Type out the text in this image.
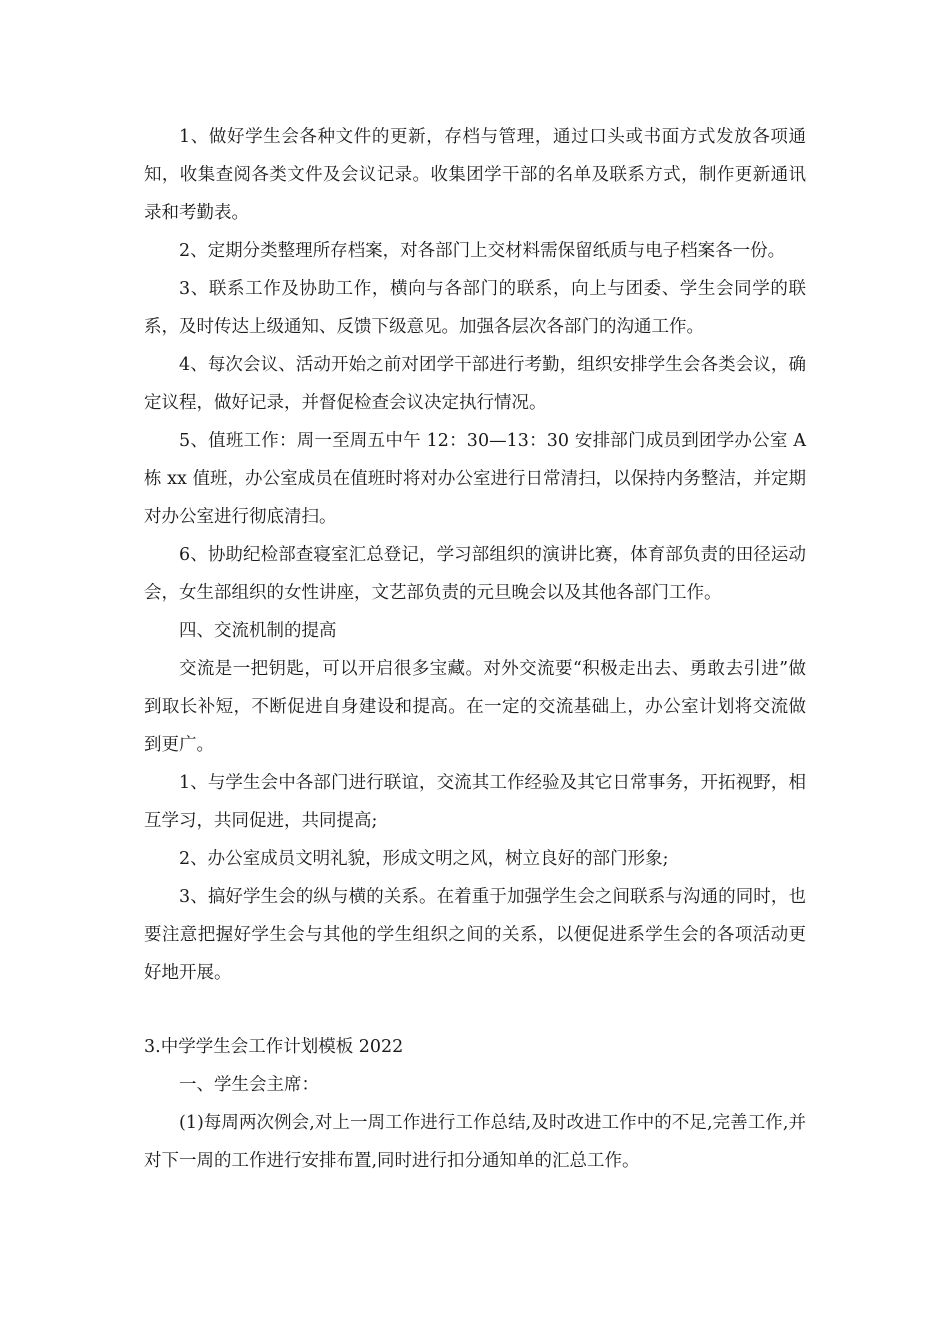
1、做好学生会各种文件的更新，存档与管理，通过口头或书面方式发放各项通知，收集查阅各类文件及会议记录。收集团学干部的名单及联系方式，制作更新通讯录和考勤表。

2、定期分类整理所存档案，对各部门上交材料需保留纸质与电子档案各一份。

3、联系工作及协助工作，横向与各部门的联系，向上与团委、学生会同学的联系，及时传达上级通知、反馈下级意见。加强各层次各部门的沟通工作。

4、每次会议、活动开始之前对团学干部进行考勤，组织安排学生会各类会议，确定议程，做好记录，并督促检查会议决定执行情况。

5、值班工作：周一至周五中午 12：30—13：30 安排部门成员到团学办公室 A 栋 xx 值班，办公室成员在值班时将对办公室进行日常清扫，以保持内务整洁，并定期对办公室进行彻底清扫。

6、协助纪检部查寝室汇总登记，学习部组织的演讲比赛，体育部负责的田径运动会，女生部组织的女性讲座，文艺部负责的元旦晚会以及其他各部门工作。

四、交流机制的提高

交流是一把钥匙，可以开启很多宝藏。对外交流要“积极走出去、勇敢去引进”做到取长补短，不断促进自身建设和提高。在一定的交流基础上，办公室计划将交流做到更广。

1、与学生会中各部门进行联谊，交流其工作经验及其它日常事务，开拓视野，相互学习，共同促进，共同提高;

2、办公室成员文明礼貌，形成文明之风，树立良好的部门形象;

3、搞好学生会的纵与横的关系。在着重于加强学生会之间联系与沟通的同时，也要注意把握好学生会与其他的学生组织之间的关系，以便促进系学生会的各项活动更好地开展。

3.中学学生会工作计划模板 2022

一、学生会主席：

(1)每周两次例会,对上一周工作进行工作总结,及时改进工作中的不足,完善工作,并对下一周的工作进行安排布置,同时进行扣分通知单的汇总工作。
